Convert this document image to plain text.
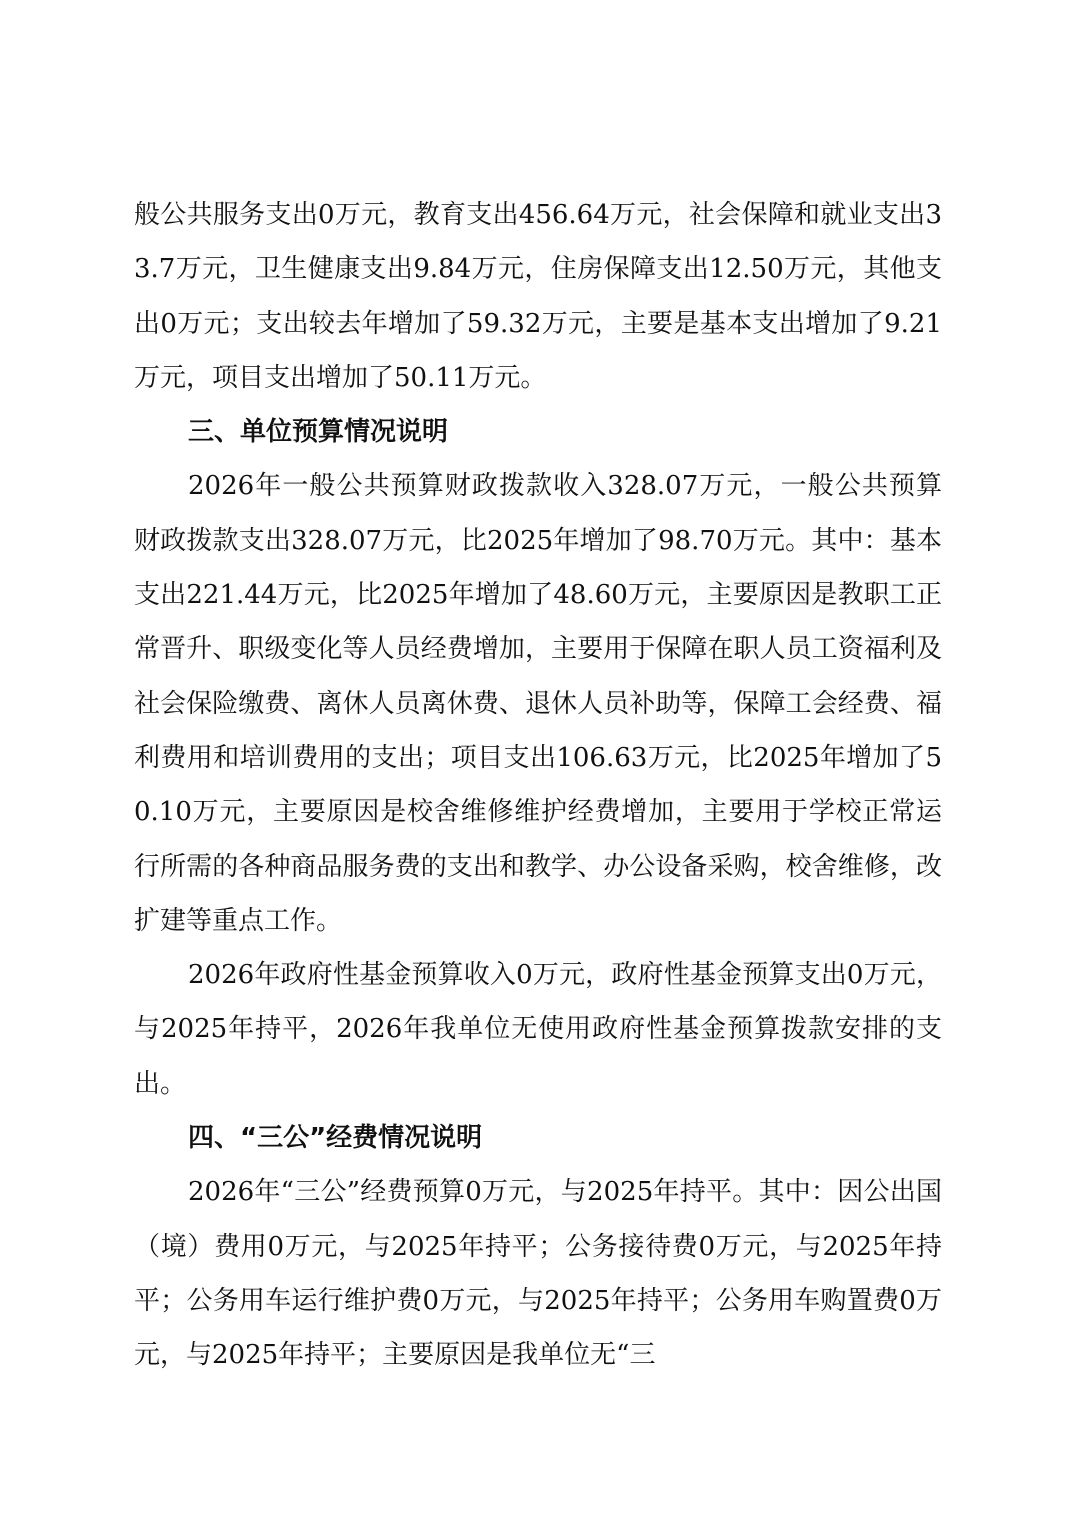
般公共服务支出0万元，教育支出456.64万元，社会保障和就业支出33.7万元，卫生健康支出9.84万元，住房保障支出12.50万元，其他支出0万元；支出较去年增加了59.32万元，主要是基本支出增加了9.21万元，项目支出增加了50.11万元。

三、单位预算情况说明

2026年一般公共预算财政拨款收入328.07万元，一般公共预算财政拨款支出328.07万元，比2025年增加了98.70万元。其中：基本支出221.44万元，比2025年增加了48.60万元，主要原因是教职工正常晋升、职级变化等人员经费增加，主要用于保障在职人员工资福利及社会保险缴费、离休人员离休费、退休人员补助等，保障工会经费、福利费用和培训费用的支出；项目支出106.63万元，比2025年增加了50.10万元，主要原因是校舍维修维护经费增加，主要用于学校正常运行所需的各种商品服务费的支出和教学、办公设备采购，校舍维修，改扩建等重点工作。

2026年政府性基金预算收入0万元，政府性基金预算支出0万元，与2025年持平，2026年我单位无使用政府性基金预算拨款安排的支出。

四、“三公”经费情况说明

2026年“三公”经费预算0万元，与2025年持平。其中：因公出国（境）费用0万元，与2025年持平；公务接待费0万元，与2025年持平；公务用车运行维护费0万元，与2025年持平；公务用车购置费0万元，与2025年持平；主要原因是我单位无“三
